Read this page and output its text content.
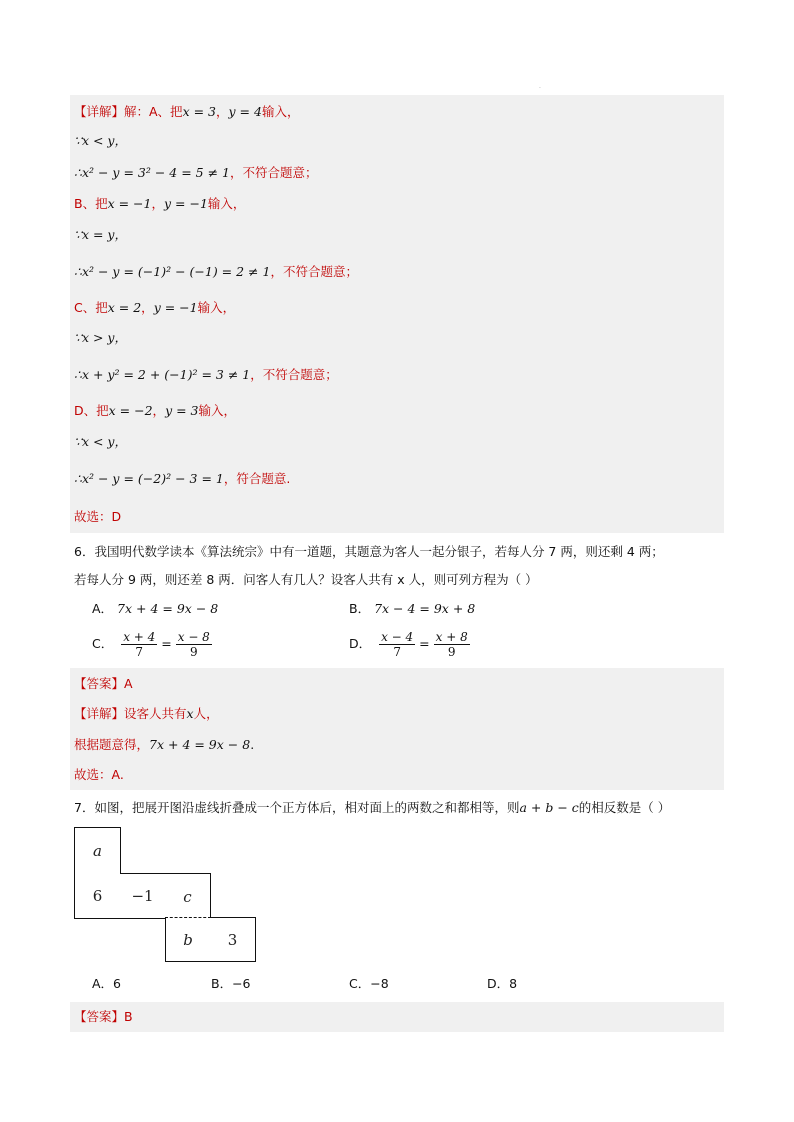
.
【详解】解：A、把x = 3，y = 4输入，
∵x < y，
∴x² − y = 3² − 4 = 5 ≠ 1，不符合题意；
B、把x = −1，y = −1输入，
∵x = y，
∴x² − y = (−1)² − (−1) = 2 ≠ 1，不符合题意；
C、把x = 2，y = −1输入，
∵x > y，
∴x + y² = 2 + (−1)² = 3 ≠ 1，不符合题意；
D、把x = −2，y = 3输入，
∵x < y，
∴x² − y = (−2)² − 3 = 1，符合题意.
故选：D
6．我国明代数学读本《算法统宗》中有一道题，其题意为客人一起分银子，若每人分 7 两，则还剩 4 两；
若每人分 9 两，则还差 8 两．问客人有几人？设客人共有 x 人，则可列方程为（ ）
A． 7x + 4 = 9x − 8	B． 7x − 4 = 9x + 8
C． $\frac{x + 4}{7} = \frac{x - 8}{9}$	D． $\frac{x - 4}{7} = \frac{x + 8}{9}$
【答案】A
【详解】设客人共有x人，
根据题意得，7x + 4 = 9x − 8.
故选：A.
7．如图，把展开图沿虚线折叠成一个正方体后，相对面上的两数之和都相等，则a + b − c的相反数是（ ）
a
6	−1	c
b	3
A．6	B．−6	C．−8	D．8
【答案】B
